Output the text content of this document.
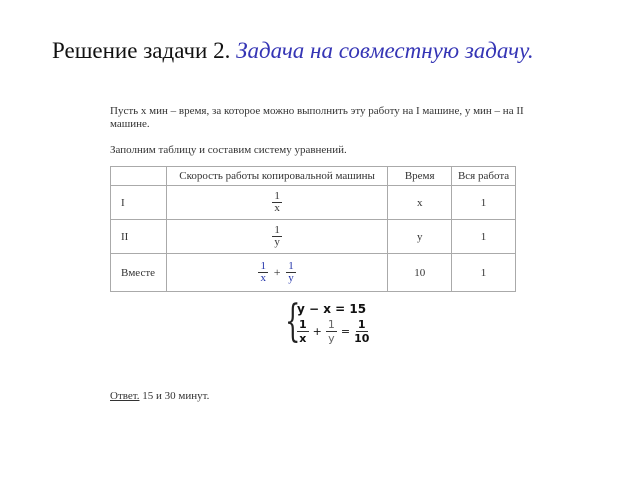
Решение задачи 2. Задача на совместную задачу.
Пусть х мин – время, за которое можно выполнить эту работу на I машине, у мин – на II машине.
Заполним таблицу и составим систему уравнений.
	Скорость работы копировальной машины	Время	Вся работа
I	$\frac{1}{x}$	x	1
II	$\frac{1}{y}$	y	1
Вместе	$\frac{1}{x} + \frac{1}{y}$	10	1
{
y − x = 15
$\frac{1}{x} + \frac{1}{y} = \frac{1}{10}$
Ответ. 15 и 30 минут.
